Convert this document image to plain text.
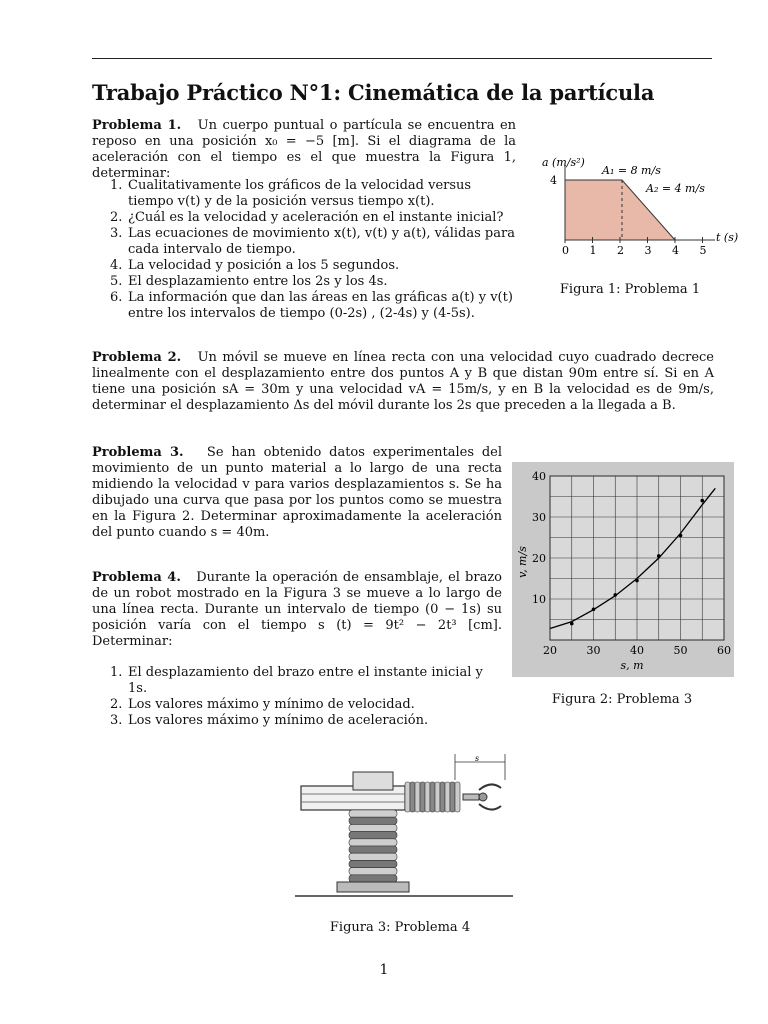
Trabajo Práctico N°1: Cinemática de la partícula

Problema 1. Un cuerpo puntual o partícula se encuentra en reposo en una posición x₀ = −5 [m]. Si el diagrama de la aceleración con el tiempo es el que muestra la Figura 1, determinar:

1. Cualitativamente los gráficos de la velocidad versus tiempo v(t) y de la posición versus tiempo x(t).
2. ¿Cuál es la velocidad y aceleración en el instante inicial?
3. Las ecuaciones de movimiento x(t), v(t) y a(t), válidas para cada intervalo de tiempo.
4. La velocidad y posición a los 5 segundos.
5. El desplazamiento entre los 2s y los 4s.
6. La información que dan las áreas en las gráficas a(t) y v(t) entre los intervalos de tiempo (0-2s) , (2-4s) y (4-5s).
a (m/s²)
4
A₁ = 8 m/s
A₂ = 4 m/s
t (s)
0 1 2 3 4 5
Figura 1: Problema 1

Problema 2. Un móvil se mueve en línea recta con una velocidad cuyo cuadrado decrece linealmente con el desplazamiento entre dos puntos A y B que distan 90m entre sí. Si en A tiene una posición sA = 30m y una velocidad vA = 15m/s, y en B la velocidad es de 9m/s, determinar el desplazamiento Δs del móvil durante los 2s que preceden a la llegada a B.

Problema 3. Se han obtenido datos experimentales del movimiento de un punto material a lo largo de una recta midiendo la velocidad v para varios desplazamientos s. Se ha dibujado una curva que pasa por los puntos como se muestra en la Figura 2. Determinar aproximadamente la aceleración del punto cuando s = 40m.

20	30	40	50	60
10
20
30
40
s, m
v, m/s
Figura 2: Problema 3

Problema 4. Durante la operación de ensamblaje, el brazo de un robot mostrado en la Figura 3 se mueve a lo largo de una línea recta. Durante un intervalo de tiempo (0 − 1s) su posición varía con el tiempo s (t) = 9t² − 2t³ [cm]. Determinar:

1. El desplazamiento del brazo entre el instante inicial y 1s.
2. Los valores máximo y mínimo de velocidad.
3. Los valores máximo y mínimo de aceleración.
s
Figura 3: Problema 4
1
